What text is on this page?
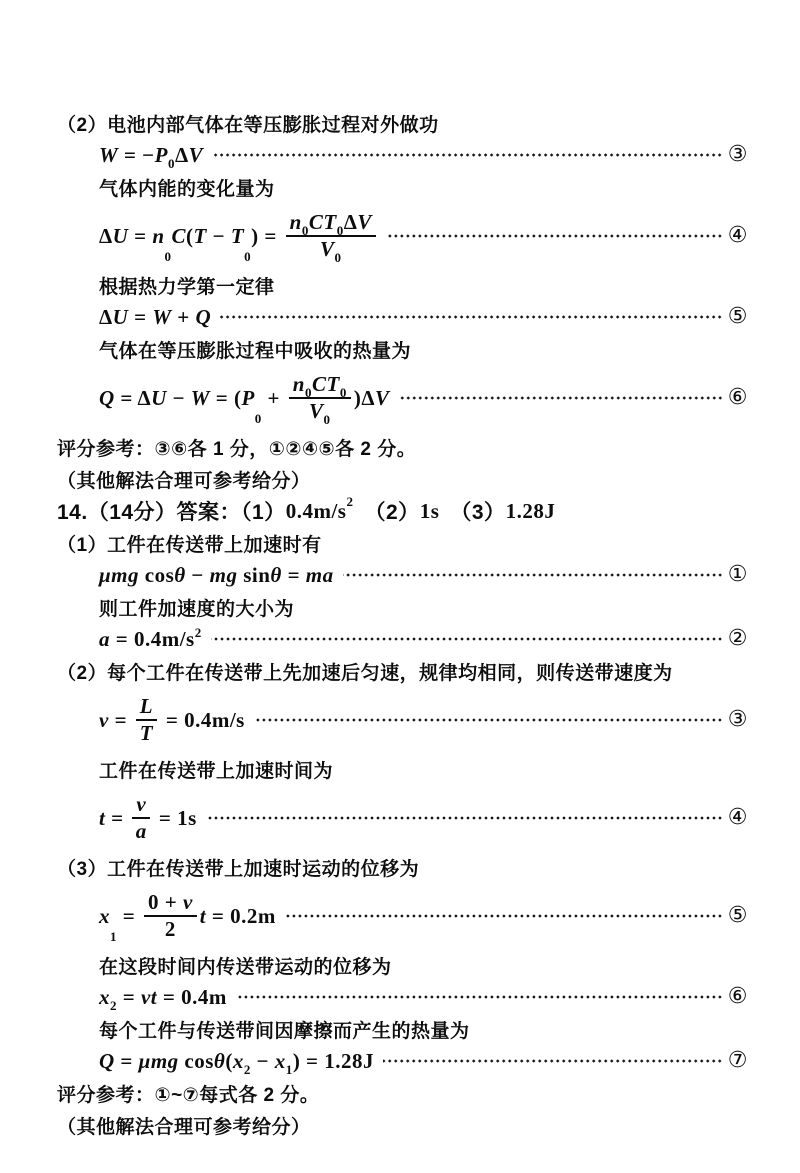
（2）电池内部气体在等压膨胀过程对外做功
W = − P 0 Δ V	③
气体内能的变化量为
Δ U = n
0
C ( T − T
0
) = $\frac{\text{n 0 CT 0 Δ V}}{V 0}$	④
根据热力学第一定律
Δ U = W + Q	⑤
气体在等压膨胀过程中吸收的热量为
Q = Δ U − W = ( P
0
+ $\frac{n 0 CT 0}{V 0} )\Delta$ V	⑥
评分参考：③⑥各 1 分，①②④⑤各 2 分。
（其他解法合理可参考给分）
14.（14分）答案：（1） 0.4m/s 2 　（2） 1s 　（3） 1.28J
（1）工件在传送带上加速时有
μmg cos θ − mg sin θ = ma	①
则工件加速度的大小为
a = 0.4m/s 2	②
（2）每个工件在传送带上先加速后匀速，规律均相同，则传送带速度为
$v = \frac{L}{T} = 0.4m/s$	③
工件在传送带上加速时间为
$t = \frac{v}{a} = 1s$	④
（3）工件在传送带上加速时运动的位移为
x
1
= $\frac{0 + v}{2}$ t = 0.2m	⑤
在这段时间内传送带运动的位移为
x 2 = vt = 0.4m	⑥
每个工件与传送带间因摩擦而产生的热量为
Q = μmg cos θ ( x 2 − x 1 ) = 1.28J	⑦
评分参考：①~⑦每式各 2 分。
（其他解法合理可参考给分）
